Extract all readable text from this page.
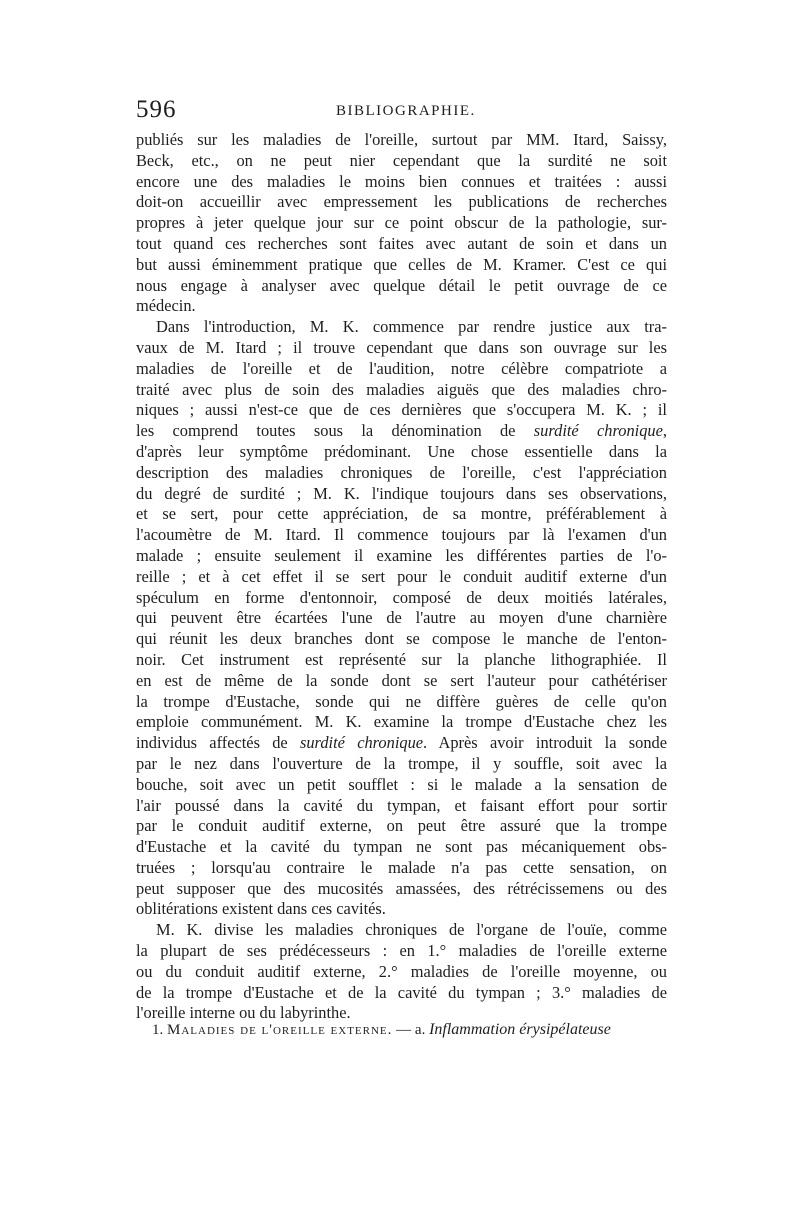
596	BIBLIOGRAPHIE.

publiés sur les maladies de l'oreille, surtout par MM. Itard, Saissy,

Beck, etc., on ne peut nier cependant que la surdité ne soit

encore une des maladies le moins bien connues et traitées : aussi

doit-on accueillir avec empressement les publications de recherches

propres à jeter quelque jour sur ce point obscur de la pathologie, sur-

tout quand ces recherches sont faites avec autant de soin et dans un

but aussi éminemment pratique que celles de M. Kramer. C'est ce qui

nous engage à analyser avec quelque détail le petit ouvrage de ce

médecin.

Dans l'introduction, M. K. commence par rendre justice aux tra-

vaux de M. Itard ; il trouve cependant que dans son ouvrage sur les

maladies de l'oreille et de l'audition, notre célèbre compatriote a

traité avec plus de soin des maladies aiguës que des maladies chro-

niques ; aussi n'est-ce que de ces dernières que s'occupera M. K. ; il

les comprend toutes sous la dénomination de surdité chronique,

d'après leur symptôme prédominant. Une chose essentielle dans la

description des maladies chroniques de l'oreille, c'est l'appréciation

du degré de surdité ; M. K. l'indique toujours dans ses observations,

et se sert, pour cette appréciation, de sa montre, préférablement à

l'acoumètre de M. Itard. Il commence toujours par là l'examen d'un

malade ; ensuite seulement il examine les différentes parties de l'o-

reille ; et à cet effet il se sert pour le conduit auditif externe d'un

spéculum en forme d'entonnoir, composé de deux moitiés latérales,

qui peuvent être écartées l'une de l'autre au moyen d'une charnière

qui réunit les deux branches dont se compose le manche de l'enton-

noir. Cet instrument est représenté sur la planche lithographiée. Il

en est de même de la sonde dont se sert l'auteur pour cathétériser

la trompe d'Eustache, sonde qui ne diffère guères de celle qu'on

emploie communément. M. K. examine la trompe d'Eustache chez les

individus affectés de surdité chronique. Après avoir introduit la sonde

par le nez dans l'ouverture de la trompe, il y souffle, soit avec la

bouche, soit avec un petit soufflet : si le malade a la sensation de

l'air poussé dans la cavité du tympan, et faisant effort pour sortir

par le conduit auditif externe, on peut être assuré que la trompe

d'Eustache et la cavité du tympan ne sont pas mécaniquement obs-

truées ; lorsqu'au contraire le malade n'a pas cette sensation, on

peut supposer que des mucosités amassées, des rétrécissemens ou des

oblitérations existent dans ces cavités.

M. K. divise les maladies chroniques de l'organe de l'ouïe, comme

la plupart de ses prédécesseurs : en 1.° maladies de l'oreille externe

ou du conduit auditif externe, 2.° maladies de l'oreille moyenne, ou

de la trompe d'Eustache et de la cavité du tympan ; 3.° maladies de

l'oreille interne ou du labyrinthe.

1. Maladies de l'oreille externe. — a. Inflammation érysipélateuse
